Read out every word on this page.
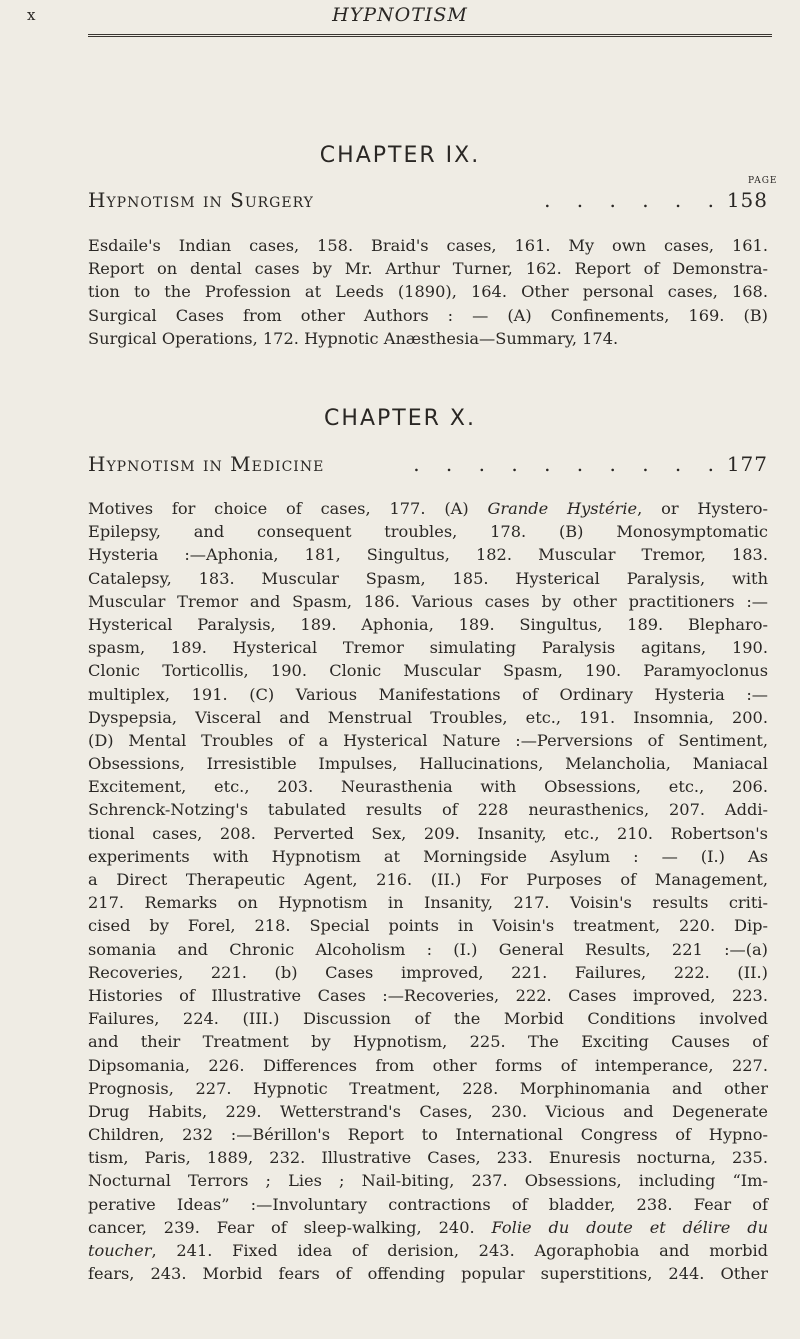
x	HYPNOTISM
CHAPTER IX.
PAGE
Hypnotism in Surgery	. . . . . . 158
Esdaile's Indian cases, 158. Braid's cases, 161. My own cases, 161.
Report on dental cases by Mr. Arthur Turner, 162. Report of Demonstra-
tion to the Profession at Leeds (1890), 164. Other personal cases, 168.
Surgical Cases from other Authors : — (A) Confinements, 169. (B)
Surgical Operations, 172. Hypnotic Anæsthesia—Summary, 174.
CHAPTER X.
Hypnotism in Medicine	. . . . . . . . . . 177
Motives for choice of cases, 177. (A) Grande Hystérie, or Hystero-
Epilepsy, and consequent troubles, 178. (B) Monosymptomatic
Hysteria :—Aphonia, 181, Singultus, 182. Muscular Tremor, 183.
Catalepsy, 183. Muscular Spasm, 185. Hysterical Paralysis, with
Muscular Tremor and Spasm, 186. Various cases by other practitioners :—
Hysterical Paralysis, 189. Aphonia, 189. Singultus, 189. Blepharo-
spasm, 189. Hysterical Tremor simulating Paralysis agitans, 190.
Clonic Torticollis, 190. Clonic Muscular Spasm, 190. Paramyoclonus
multiplex, 191. (C) Various Manifestations of Ordinary Hysteria :—
Dyspepsia, Visceral and Menstrual Troubles, etc., 191. Insomnia, 200.
(D) Mental Troubles of a Hysterical Nature :—Perversions of Sentiment,
Obsessions, Irresistible Impulses, Hallucinations, Melancholia, Maniacal
Excitement, etc., 203. Neurasthenia with Obsessions, etc., 206.
Schrenck-Notzing's tabulated results of 228 neurasthenics, 207. Addi-
tional cases, 208. Perverted Sex, 209. Insanity, etc., 210. Robertson's
experiments with Hypnotism at Morningside Asylum : — (I.) As
a Direct Therapeutic Agent, 216. (II.) For Purposes of Management,
217. Remarks on Hypnotism in Insanity, 217. Voisin's results criti-
cised by Forel, 218. Special points in Voisin's treatment, 220. Dip-
somania and Chronic Alcoholism : (I.) General Results, 221 :—(a)
Recoveries, 221. (b) Cases improved, 221. Failures, 222. (II.)
Histories of Illustrative Cases :—Recoveries, 222. Cases improved, 223.
Failures, 224. (III.) Discussion of the Morbid Conditions involved
and their Treatment by Hypnotism, 225. The Exciting Causes of
Dipsomania, 226. Differences from other forms of intemperance, 227.
Prognosis, 227. Hypnotic Treatment, 228. Morphinomania and other
Drug Habits, 229. Wetterstrand's Cases, 230. Vicious and Degenerate
Children, 232 :—Bérillon's Report to International Congress of Hypno-
tism, Paris, 1889, 232. Illustrative Cases, 233. Enuresis nocturna, 235.
Nocturnal Terrors ; Lies ; Nail-biting, 237. Obsessions, including “Im-
perative Ideas” :—Involuntary contractions of bladder, 238. Fear of
cancer, 239. Fear of sleep-walking, 240. Folie du doute et délire du
toucher, 241. Fixed idea of derision, 243. Agoraphobia and morbid
fears, 243. Morbid fears of offending popular superstitions, 244. Other
